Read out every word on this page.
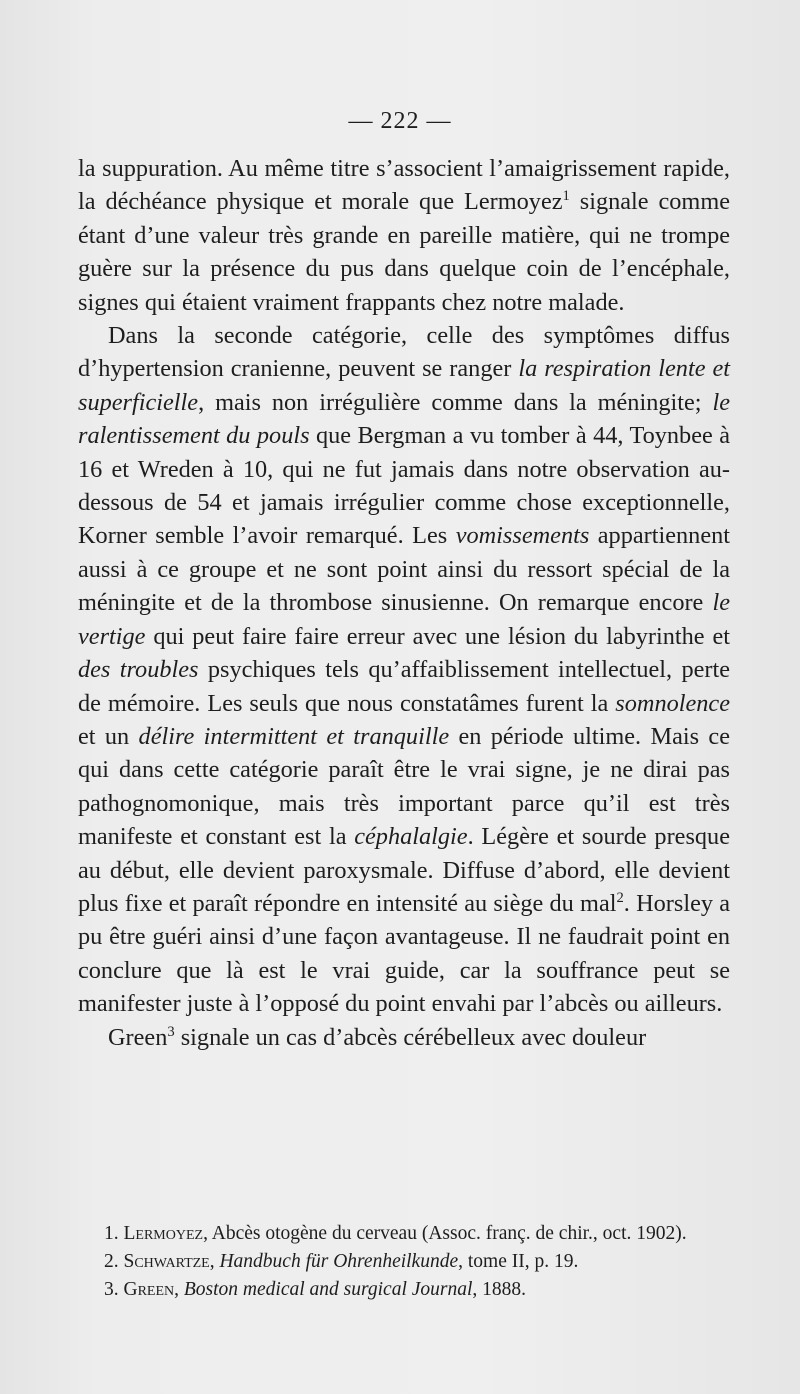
— 222 —

la suppuration. Au même titre s’associent l’amaigrissement rapide, la déchéance physique et morale que Lermoyez$^1$ signale comme étant d’une valeur très grande en pareille matière, qui ne trompe guère sur la présence du pus dans quelque coin de l’encéphale, signes qui étaient vraiment frappants chez notre malade.

Dans la seconde catégorie, celle des symptômes diffus d’hypertension cranienne, peuvent se ranger la respiration lente et superficielle, mais non irrégulière comme dans la méningite; le ralentissement du pouls que Bergman a vu tomber à 44, Toynbee à 16 et Wreden à 10, qui ne fut jamais dans notre observation au-dessous de 54 et jamais irrégulier comme chose exceptionnelle, Korner semble l’avoir remarqué. Les vomissements appartiennent aussi à ce groupe et ne sont point ainsi du ressort spécial de la méningite et de la thrombose sinusienne. On remarque encore le vertige qui peut faire faire erreur avec une lésion du labyrinthe et des troubles psychiques tels qu’affaiblissement intellectuel, perte de mémoire. Les seuls que nous constatâmes furent la somnolence et un délire intermittent et tranquille en période ultime. Mais ce qui dans cette catégorie paraît être le vrai signe, je ne dirai pas pathognomonique, mais très important parce qu’il est très manifeste et constant est la céphalalgie. Légère et sourde presque au début, elle devient paroxysmale. Diffuse d’abord, elle devient plus fixe et paraît répondre en intensité au siège du mal$^2$. Horsley a pu être guéri ainsi d’une façon avantageuse. Il ne faudrait point en conclure que là est le vrai guide, car la souffrance peut se manifester juste à l’opposé du point envahi par l’abcès ou ailleurs.

Green$^3$ signale un cas d’abcès cérébelleux avec douleur

1. Lermoyez, Abcès otogène du cerveau (Assoc. franç. de chir., oct. 1902).

2. Schwartze, Handbuch für Ohrenheilkunde, tome II, p. 19.

3. Green, Boston medical and surgical Journal, 1888.
